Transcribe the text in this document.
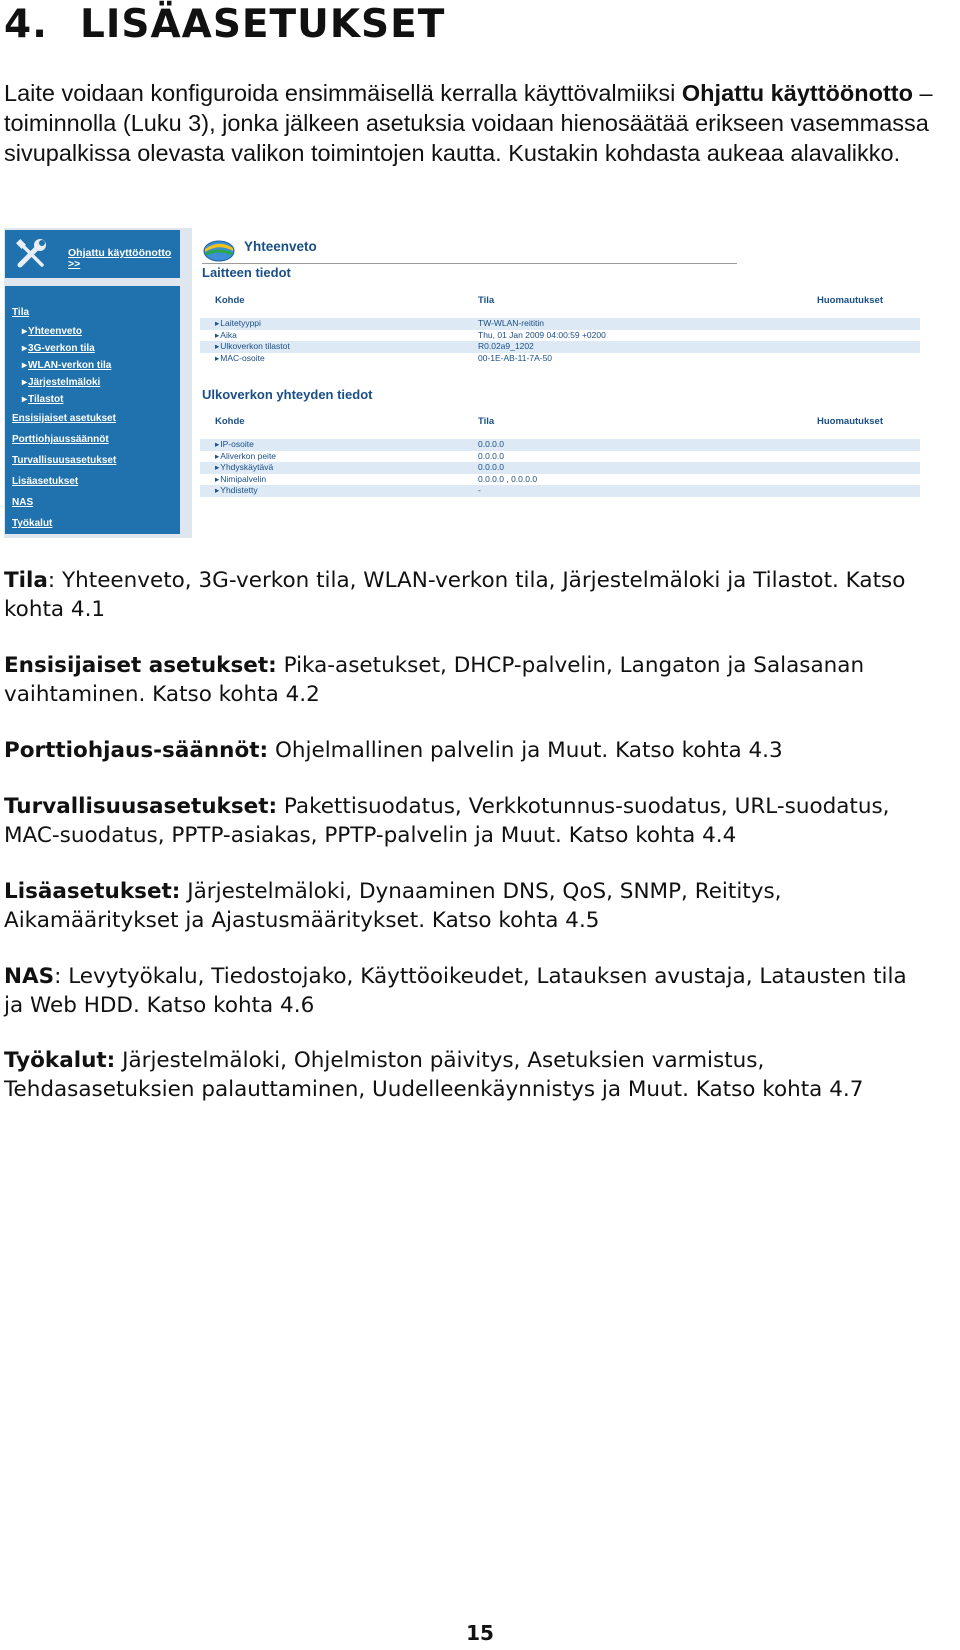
4. LISÄASETUKSET

Laite voidaan konfiguroida ensimmäisellä kerralla käyttövalmiiksi Ohjattu käyttöönotto –toiminnolla (Luku 3), jonka jälkeen asetuksia voidaan hienosäätää erikseen vasemmassa sivupalkissa olevasta valikon toimintojen kautta. Kustakin kohdasta aukeaa alavalikko.

Ohjattu käyttöönotto >>
Tila
▸ Yhteenveto
▸ 3G-verkon tila
▸ WLAN-verkon tila
▸ Järjestelmäloki
▸ Tilastot
Ensisijaiset asetukset
Porttiohjaussäännöt
Turvallisuusasetukset
Lisäasetukset
NAS
Työkalut
Yhteenveto
Laitteen tiedot
Kohde	Tila	Huomautukset
▸ Laitetyyppi	TW-WLAN-reititin
▸ Aika	Thu, 01 Jan 2009 04:00:59 +0200
▸ Ulkoverkon tilastot	R0.02a9_1202
▸ MAC-osoite	00-1E-AB-11-7A-50
Ulkoverkon yhteyden tiedot
Kohde	Tila	Huomautukset
▸ IP-osoite	0.0.0.0
▸ Aliverkon peite	0.0.0.0
▸ Yhdyskäytävä	0.0.0.0
▸ Nimipalvelin	0.0.0.0 , 0.0.0.0
▸ Yhdistetty	-

Tila: Yhteenveto, 3G-verkon tila, WLAN-verkon tila, Järjestelmäloki ja Tilastot. Katso kohta 4.1

Ensisijaiset asetukset: Pika-asetukset, DHCP-palvelin, Langaton ja Salasanan vaihtaminen. Katso kohta 4.2

Porttiohjaus-säännöt: Ohjelmallinen palvelin ja Muut. Katso kohta 4.3

Turvallisuusasetukset: Pakettisuodatus, Verkkotunnus-suodatus, URL-suodatus, MAC-suodatus, PPTP-asiakas, PPTP-palvelin ja Muut. Katso kohta 4.4

Lisäasetukset: Järjestelmäloki, Dynaaminen DNS, QoS, SNMP, Reititys, Aikamääritykset ja Ajastusmääritykset. Katso kohta 4.5

NAS: Levytyökalu, Tiedostojako, Käyttöoikeudet, Latauksen avustaja, Latausten tila ja Web HDD. Katso kohta 4.6

Työkalut: Järjestelmäloki, Ohjelmiston päivitys, Asetuksien varmistus, Tehdasasetuksien palauttaminen, Uudelleenkäynnistys ja Muut. Katso kohta 4.7

15
